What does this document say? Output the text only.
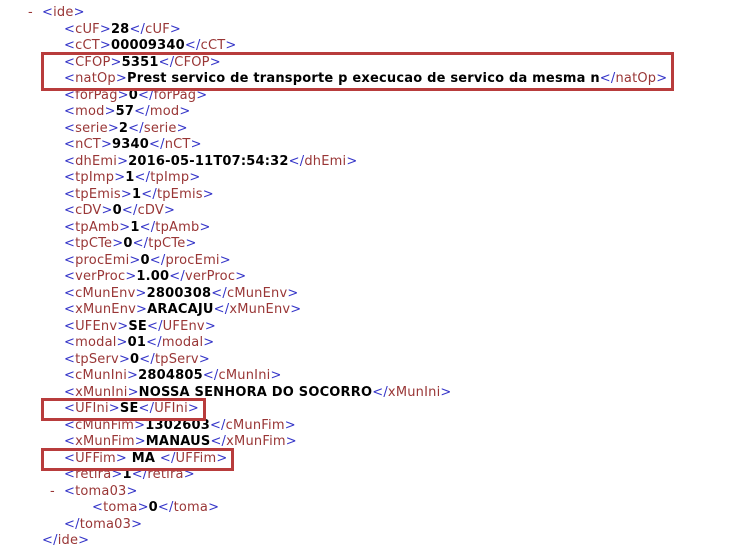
- <ide>
<cUF>28</cUF>
<cCT>00009340</cCT>
<CFOP>5351</CFOP>
<natOp>Prest servico de transporte p execucao de servico da mesma n</natOp>
<forPag>0</forPag>
<mod>57</mod>
<serie>2</serie>
<nCT>9340</nCT>
<dhEmi>2016-05-11T07:54:32</dhEmi>
<tpImp>1</tpImp>
<tpEmis>1</tpEmis>
<cDV>0</cDV>
<tpAmb>1</tpAmb>
<tpCTe>0</tpCTe>
<procEmi>0</procEmi>
<verProc>1.00</verProc>
<cMunEnv>2800308</cMunEnv>
<xMunEnv>ARACAJU</xMunEnv>
<UFEnv>SE</UFEnv>
<modal>01</modal>
<tpServ>0</tpServ>
<cMunIni>2804805</cMunIni>
<xMunIni>NOSSA SENHORA DO SOCORRO</xMunIni>
<UFIni>SE</UFIni>
<cMunFim>1302603</cMunFim>
<xMunFim>MANAUS</xMunFim>
<UFFim> MA </UFFim>
<retira>1</retira>
- <toma03>
<toma>0</toma>
</toma03>
</ide>
